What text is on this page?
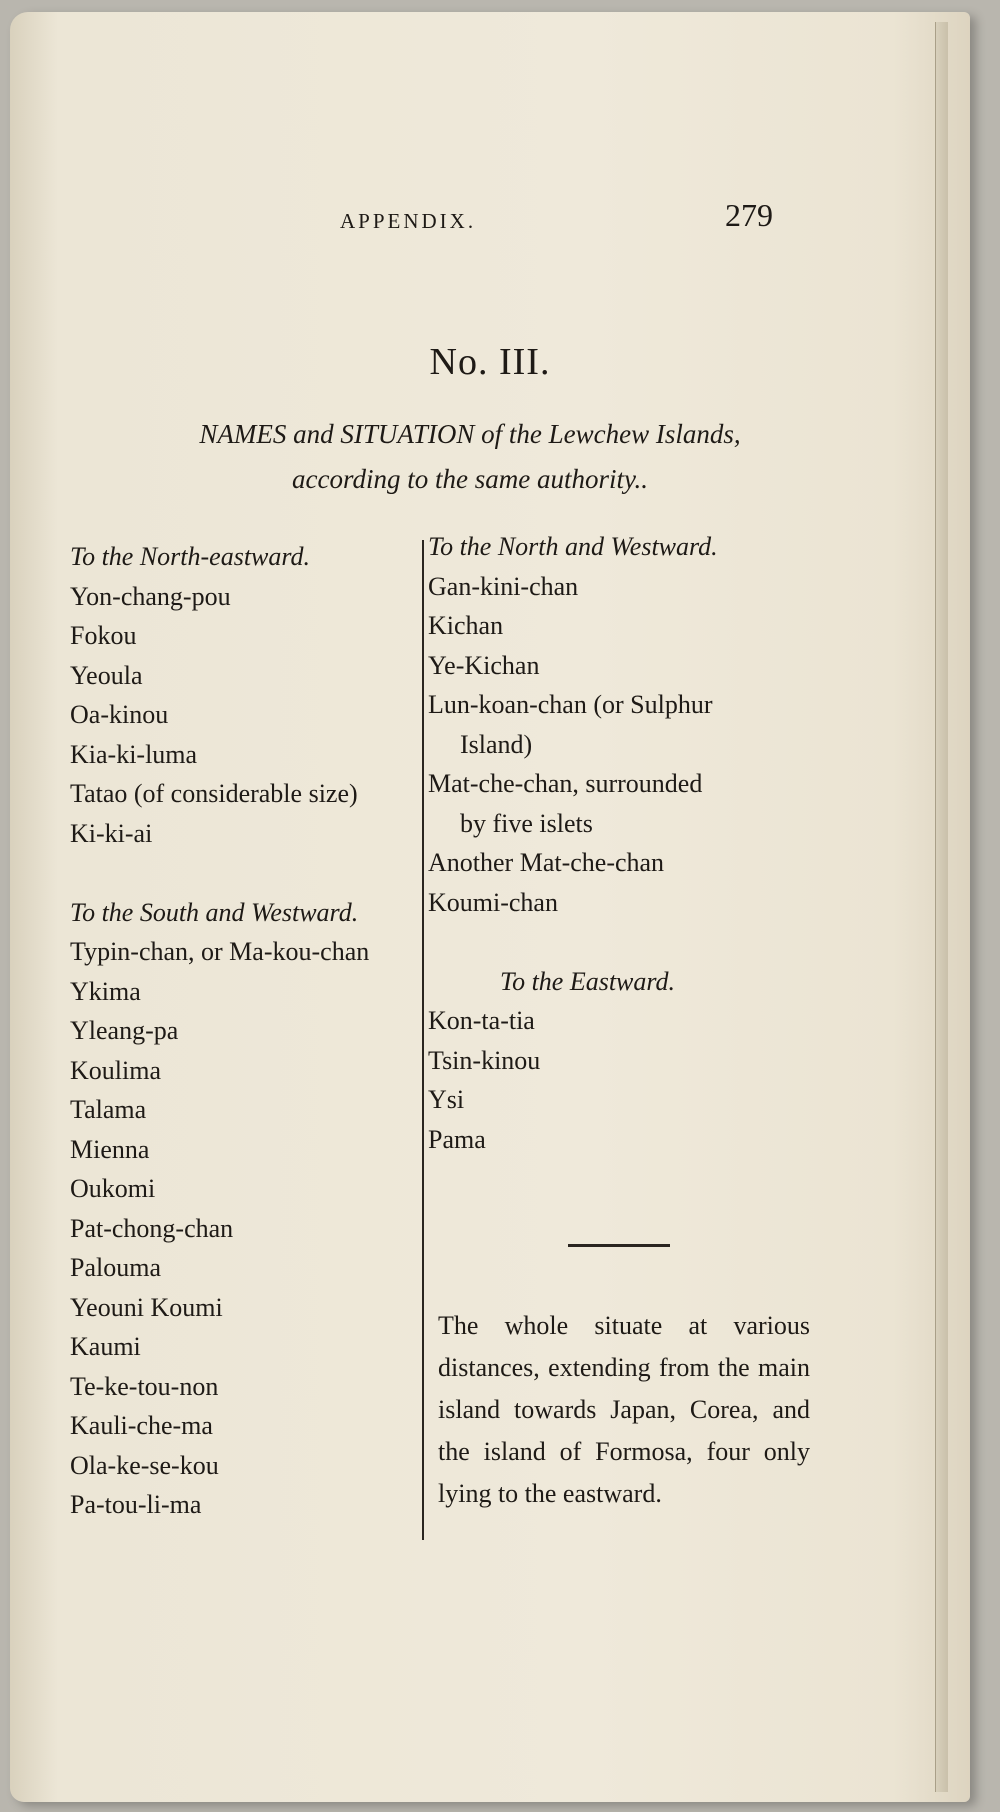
APPENDIX.	279
No. III.
NAMES and SITUATION of the Lewchew Islands,
according to the same authority..
To the North-eastward.
Yon-chang-pou
Fokou
Yeoula
Oa-kinou
Kia-ki-luma
Tatao (of considerable size)
Ki-ki-ai
To the South and Westward.
Typin-chan, or Ma-kou-chan
Ykima
Yleang-pa
Koulima
Talama
Mienna
Oukomi
Pat-chong-chan
Palouma
Yeouni Koumi
Kaumi
Te-ke-tou-non
Kauli-che-ma
Ola-ke-se-kou
Pa-tou-li-ma
To the North and Westward.
Gan-kini-chan
Kichan
Ye-Kichan
Lun-koan-chan (or Sulphur
Island)
Mat-che-chan, surrounded
by five islets
Another Mat-che-chan
Koumi-chan
To the Eastward.
Kon-ta-tia
Tsin-kinou
Ysi
Pama
The whole situate at various distances, extending from the main island towards Japan, Corea, and the island of Formosa, four only lying to the eastward.
